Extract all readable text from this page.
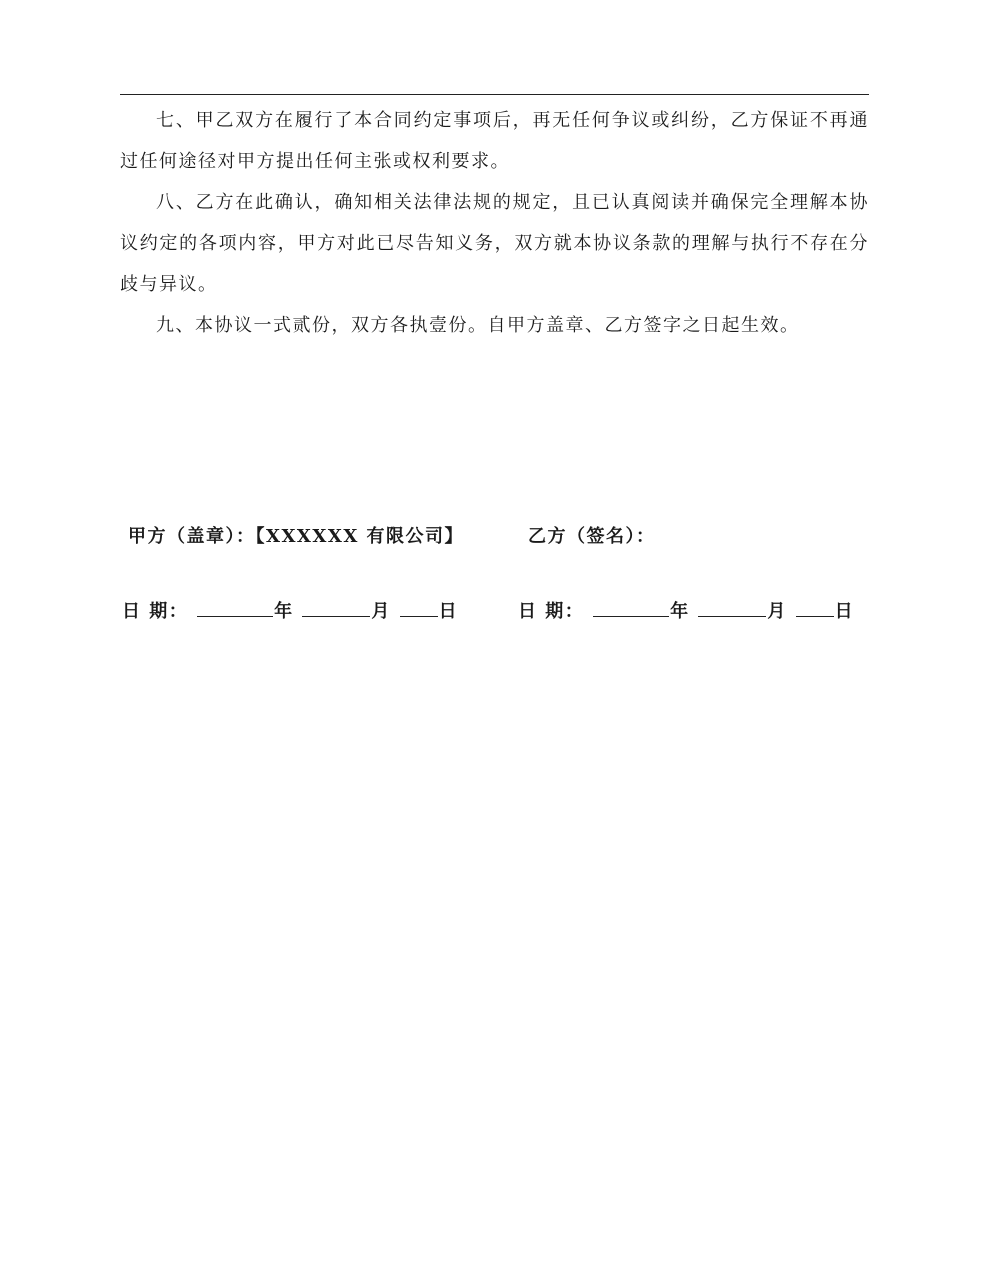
七、甲乙双方在履行了本合同约定事项后，再无任何争议或纠纷，乙方保证不再通过任何途径对甲方提出任何主张或权利要求。

八、乙方在此确认，确知相关法律法规的规定，且已认真阅读并确保完全理解本协议约定的各项内容，甲方对此已尽告知义务，双方就本协议条款的理解与执行不存在分歧与异议。

九、本协议一式贰份，双方各执壹份。自甲方盖章、乙方签字之日起生效。

甲方（盖章）：【XXXXXX 有限公司】	乙方（签名）：
日 期：	年	月	日	日 期：	年	月	日
